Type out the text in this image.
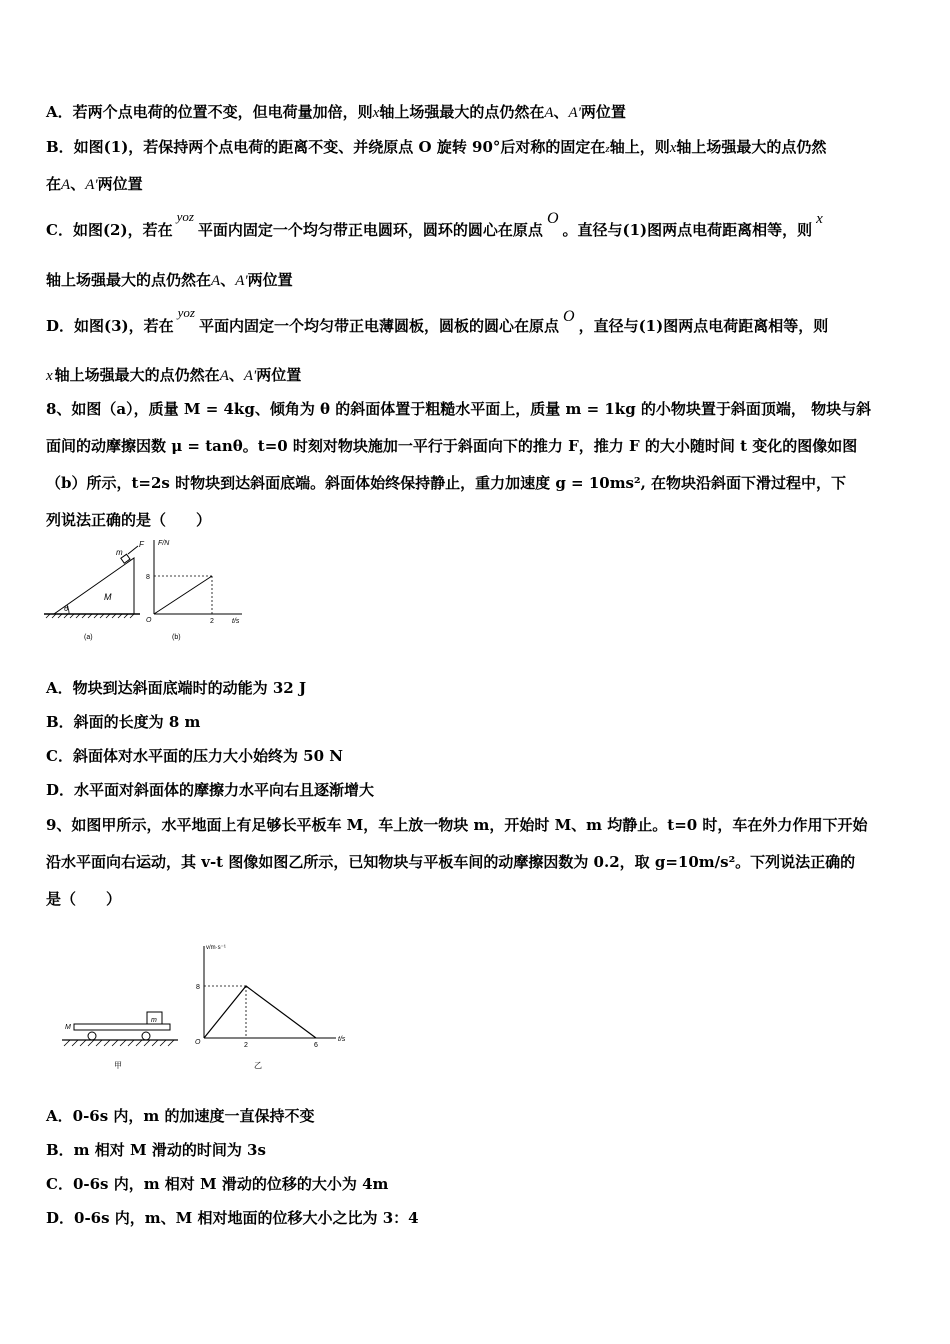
A．若两个点电荷的位置不变，但电荷量加倍，则x轴上场强最大的点仍然在A、A'两位置
B．如图(1)，若保持两个点电荷的距离不变、并绕原点 O 旋转 90°后对称的固定在z轴上，则x轴上场强最大的点仍然
在A、A'两位置
C．如图(2)，若在yoz平面内固定一个均匀带正电圆环，圆环的圆心在原点O。直径与(1)图两点电荷距离相等，则x
轴上场强最大的点仍然在A、A'两位置
D．如图(3)，若在yoz平面内固定一个均匀带正电薄圆板，圆板的圆心在原点O，直径与(1)图两点电荷距离相等，则
x 轴上场强最大的点仍然在A、A'两位置
8、如图（a），质量 M = 4kg、倾角为 θ 的斜面体置于粗糙水平面上，质量 m = 1kg 的小物块置于斜面顶端， 物块与斜
面间的动摩擦因数 μ = tanθ。t=0 时刻对物块施加一平行于斜面向下的推力 F，推力 F 的大小随时间 t 变化的图像如图
（b）所示，t=2s 时物块到达斜面底端。斜面体始终保持静止，重力加速度 g = 10ms², 在物块沿斜面下滑过程中，下
列说法正确的是（　　）
m
F
M
θ
(a)
F/N
8
O	2	t/s
(b)
A．物块到达斜面底端时的动能为 32 J
B．斜面的长度为 8 m
C．斜面体对水平面的压力大小始终为 50 N
D．水平面对斜面体的摩擦力水平向右且逐渐增大
9、如图甲所示，水平地面上有足够长平板车 M，车上放一物块 m，开始时 M、m 均静止。t=0 时，车在外力作用下开始
沿水平面向右运动，其 v-t 图像如图乙所示，已知物块与平板车间的动摩擦因数为 0.2，取 g=10m/s²。下列说法正确的
是（　　）
M
m
甲
v/m·s⁻¹
8
O	2	6
t/s
乙
A．0-6s 内，m 的加速度一直保持不变
B．m 相对 M 滑动的时间为 3s
C．0-6s 内，m 相对 M 滑动的位移的大小为 4m
D．0-6s 内，m、M 相对地面的位移大小之比为 3：4
